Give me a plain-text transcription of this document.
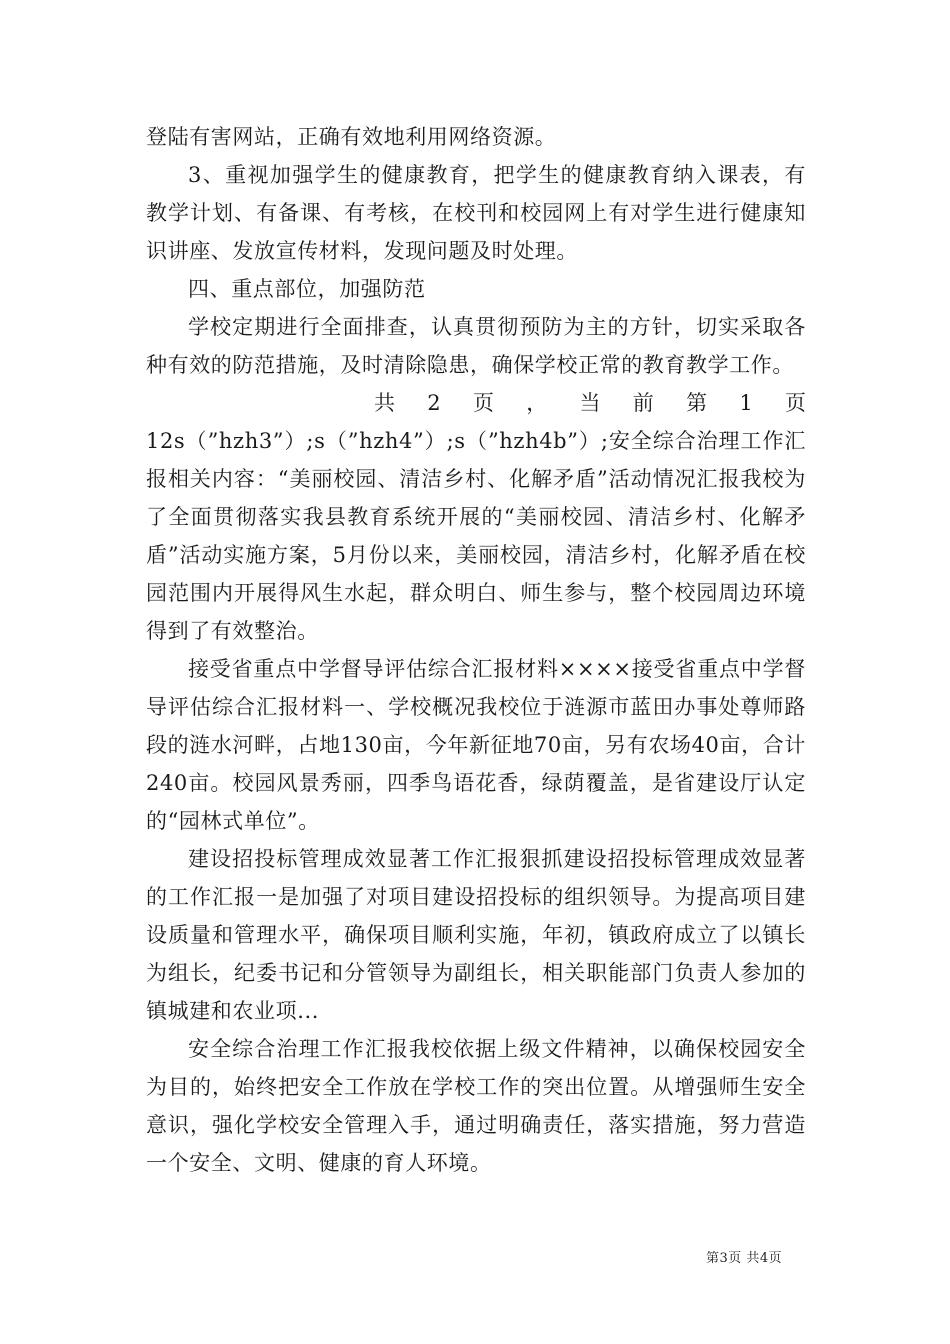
登陆有害网站，正确有效地利用网络资源。

3、重视加强学生的健康教育，把学生的健康教育纳入课表，有教学计划、有备课、有考核，在校刊和校园网上有对学生进行健康知识讲座、发放宣传材料，发现问题及时处理。

四、重点部位，加强防范

学校定期进行全面排查，认真贯彻预防为主的方针，切实采取各种有效的防范措施，及时清除隐患，确保学校正常的教育教学工作。

共 2 页 ， 当 前 第 1 页

12s（”hzh3”）;s（”hzh4”）;s（”hzh4b”）;安全综合治理工作汇报相关内容：“美丽校园、清洁乡村、化解矛盾”活动情况汇报我校为了全面贯彻落实我县教育系统开展的“美丽校园、清洁乡村、化解矛盾”活动实施方案，5月份以来，美丽校园，清洁乡村，化解矛盾在校园范围内开展得风生水起，群众明白、师生参与，整个校园周边环境得到了有效整治。

接受省重点中学督导评估综合汇报材料××××接受省重点中学督导评估综合汇报材料一、学校概况我校位于涟源市蓝田办事处尊师路段的涟水河畔，占地130亩，今年新征地70亩，另有农场40亩，合计240亩。校园风景秀丽，四季鸟语花香，绿荫覆盖，是省建设厅认定的“园林式单位”。

建设招投标管理成效显著工作汇报狠抓建设招投标管理成效显著的工作汇报一是加强了对项目建设招投标的组织领导。为提高项目建设质量和管理水平，确保项目顺利实施，年初，镇政府成立了以镇长为组长，纪委书记和分管领导为副组长，相关职能部门负责人参加的镇城建和农业项...

安全综合治理工作汇报我校依据上级文件精神，以确保校园安全为目的，始终把安全工作放在学校工作的突出位置。从增强师生安全意识，强化学校安全管理入手，通过明确责任，落实措施，努力营造一个安全、文明、健康的育人环境。

第3页 共4页
